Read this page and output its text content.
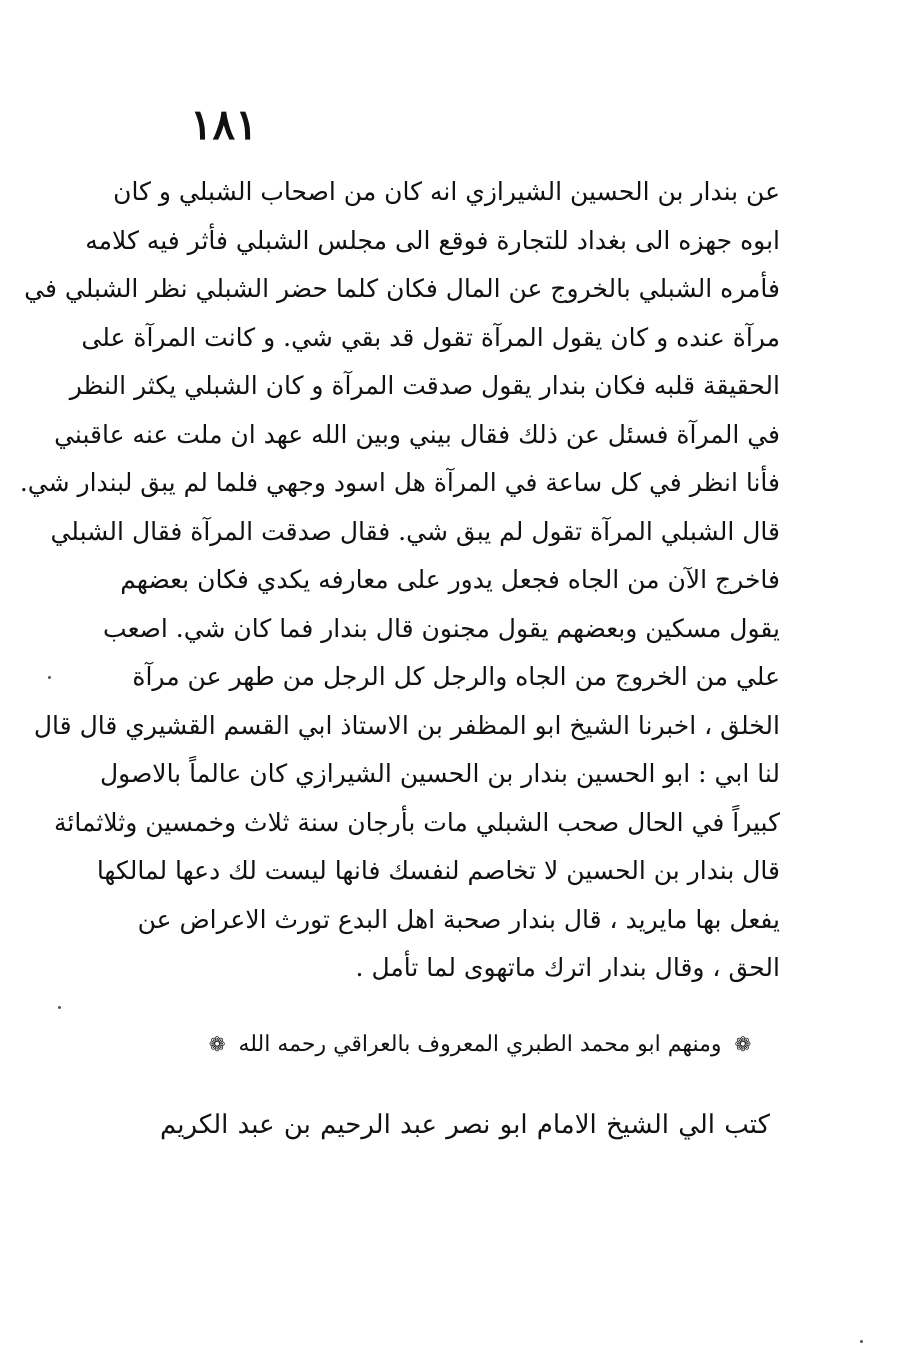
١٨١
عن بندار بن الحسين الشيرازي انه كان من اصحاب الشبلي و كان
ابوه جهزه الى بغداد للتجارة فوقع الى مجلس الشبلي فأثر فيه كلامه
فأمره الشبلي بالخروج عن المال فكان كلما حضر الشبلي نظر الشبلي في
مرآة عنده و كان يقول المرآة تقول قد بقي شي. و كانت المرآة على
الحقيقة قلبه فكان بندار يقول صدقت المرآة و كان الشبلي يكثر النظر
في المرآة فسئل عن ذلك فقال بيني وبين الله عهد ان ملت عنه عاقبني
فأنا انظر في كل ساعة في المرآة هل اسود وجهي فلما لم يبق لبندار شي.
قال الشبلي المرآة تقول لم يبق شي. فقال صدقت المرآة فقال الشبلي
فاخرج الآن من الجاه فجعل يدور على معارفه يكدي فكان بعضهم
يقول مسكين وبعضهم يقول مجنون قال بندار فما كان شي. اصعب
علي من الخروج من الجاه والرجل كل الرجل من طهر عن مرآة
الخلق ، اخبرنا الشيخ ابو المظفر بن الاستاذ ابي القسم القشيري قال قال
لنا ابي : ابو الحسين بندار بن الحسين الشيرازي كان عالماً بالاصول
كبيراً في الحال صحب الشبلي مات بأرجان سنة ثلاث وخمسين وثلاثمائة
قال بندار بن الحسين لا تخاصم لنفسك فانها ليست لك دعها لمالكها
يفعل بها مايريد ، قال بندار صحبة اهل البدع تورث الاعراض عن
الحق ، وقال بندار اترك ماتهوى لما تأمل .
❁ ومنهم ابو محمد الطبري المعروف بالعراقي رحمه الله ❁
كتب الي الشيخ الامام ابو نصر عبد الرحيم بن عبد الكريم
